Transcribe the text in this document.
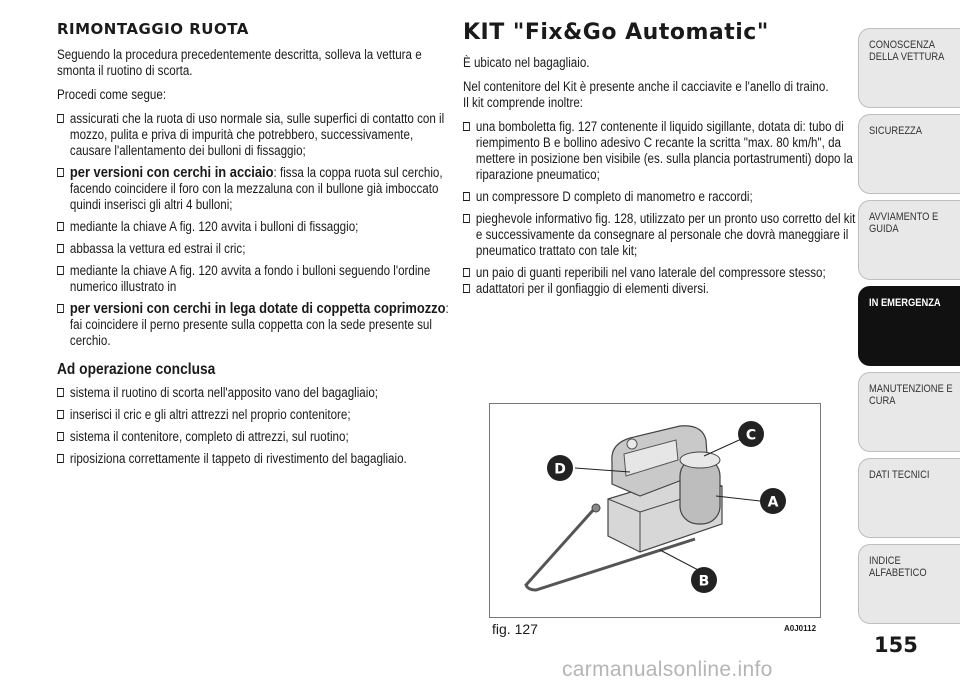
RIMONTAGGIO RUOTA
Seguendo la procedura precedentemente descritta, solleva la vettura e smonta il ruotino di scorta.
Procedi come segue:
assicurati che la ruota di uso normale sia, sulle superfici di contatto con il mozzo, pulita e priva di impurità che potrebbero, successivamente, causare l'allentamento dei bulloni di fissaggio;
per versioni con cerchi in acciaio: fissa la coppa ruota sul cerchio, facendo coincidere il foro con la mezzaluna con il bullone già imboccato quindi inserisci gli altri 4 bulloni;
mediante la chiave A fig. 120 avvita i bulloni di fissaggio;
abbassa la vettura ed estrai il cric;
mediante la chiave A fig. 120 avvita a fondo i bulloni seguendo l'ordine numerico illustrato in
per versioni con cerchi in lega dotate di coppetta coprimozzo: fai coincidere il perno presente sulla coppetta con la sede presente sul cerchio.
Ad operazione conclusa
sistema il ruotino di scorta nell'apposito vano del bagagliaio;
inserisci il cric e gli altri attrezzi nel proprio contenitore;
sistema il contenitore, completo di attrezzi, sul ruotino;
riposiziona correttamente il tappeto di rivestimento del bagagliaio.
KIT "Fix&Go Automatic"
È ubicato nel bagagliaio.
Nel contenitore del Kit è presente anche il cacciavite e l'anello di traino.
Il kit comprende inoltre:
una bomboletta fig. 127 contenente il liquido sigillante, dotata di: tubo di riempimento B e bollino adesivo C recante la scritta "max. 80 km/h", da mettere in posizione ben visibile (es. sulla plancia portastrumenti) dopo la riparazione pneumatico;
un compressore D completo di manometro e raccordi;
pieghevole informativo fig. 128, utilizzato per un pronto uso corretto del kit e successivamente da consegnare al personale che dovrà maneggiare il pneumatico trattato con tale kit;
un paio di guanti reperibili nel vano laterale del compressore stesso;
adattatori per il gonfiaggio di elementi diversi.
D
C
A
B
fig. 127	A0J0112
CONOSCENZA DELLA VETTURA
SICUREZZA
AVVIAMENTO E GUIDA
IN EMERGENZA
MANUTENZIONE E CURA
DATI TECNICI
INDICE ALFABETICO
155
carmanualsonline.info
